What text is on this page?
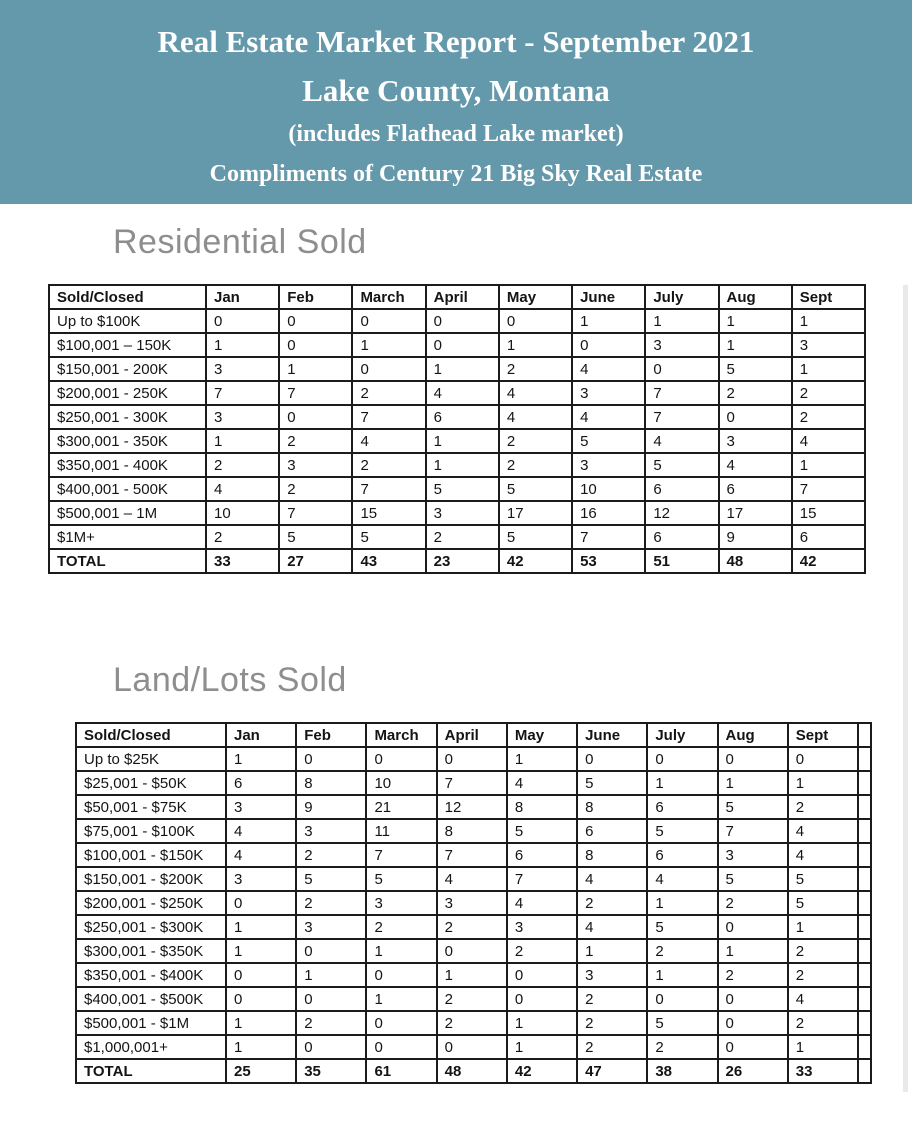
Real Estate Market Report - September 2021
Lake County, Montana
(includes Flathead Lake market)
Compliments of Century 21 Big Sky Real Estate
Residential Sold
Sold/Closed	Jan	Feb	March	April	May	June	July	Aug	Sept
Up to $100K	0	0	0	0	0	1	1	1	1
$100,001 – 150K	1	0	1	0	1	0	3	1	3
$150,001 - 200K	3	1	0	1	2	4	0	5	1
$200,001 - 250K	7	7	2	4	4	3	7	2	2
$250,001 - 300K	3	0	7	6	4	4	7	0	2
$300,001 - 350K	1	2	4	1	2	5	4	3	4
$350,001 - 400K	2	3	2	1	2	3	5	4	1
$400,001 - 500K	4	2	7	5	5	10	6	6	7
$500,001 – 1M	10	7	15	3	17	16	12	17	15
$1M+	2	5	5	2	5	7	6	9	6
TOTAL	33	27	43	23	42	53	51	48	42
Land/Lots Sold
Sold/Closed	Jan	Feb	March	April	May	June	July	Aug	Sept	
Up to $25K	1	0	0	0	1	0	0	0	0	
$25,001 - $50K	6	8	10	7	4	5	1	1	1	
$50,001 - $75K	3	9	21	12	8	8	6	5	2	
$75,001 - $100K	4	3	11	8	5	6	5	7	4	
$100,001 - $150K	4	2	7	7	6	8	6	3	4	
$150,001 - $200K	3	5	5	4	7	4	4	5	5	
$200,001 - $250K	0	2	3	3	4	2	1	2	5	
$250,001 - $300K	1	3	2	2	3	4	5	0	1	
$300,001 - $350K	1	0	1	0	2	1	2	1	2	
$350,001 - $400K	0	1	0	1	0	3	1	2	2	
$400,001 - $500K	0	0	1	2	0	2	0	0	4	
$500,001 - $1M	1	2	0	2	1	2	5	0	2	
$1,000,001+	1	0	0	0	1	2	2	0	1	
TOTAL	25	35	61	48	42	47	38	26	33	
